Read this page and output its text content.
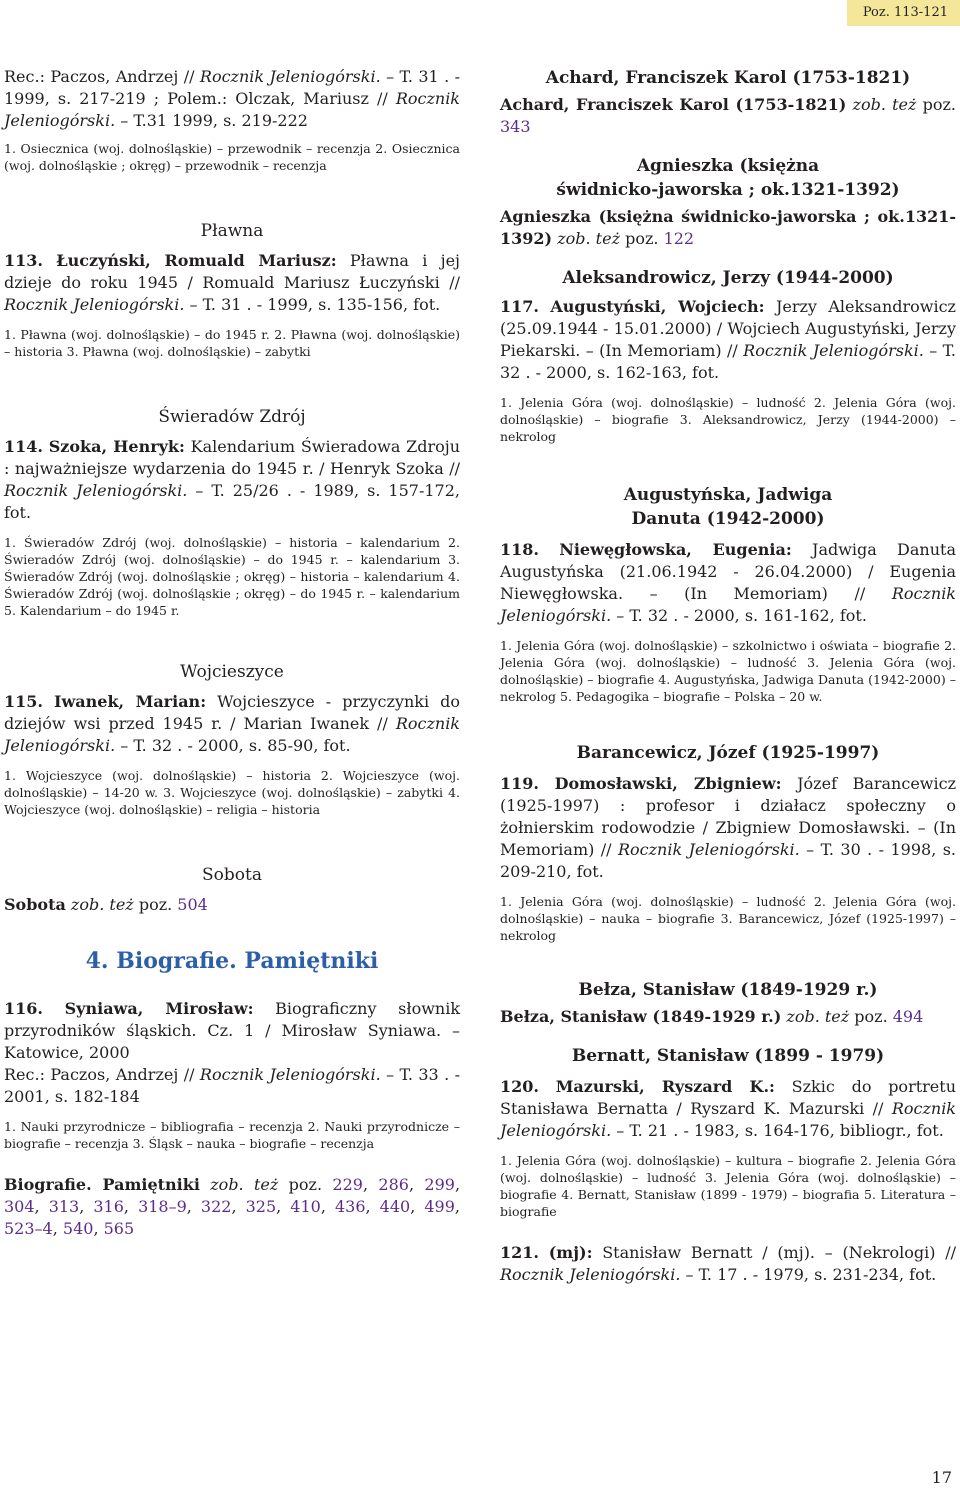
Poz. 113-121

Rec.: Paczos, Andrzej // Rocznik Jeleniogórski. – T. 31 . - 1999, s. 217-219 ; Polem.: Olczak, Mariusz // Rocznik Jeleniogórski. – T.31 1999, s. 219-222

1. Osiecznica (woj. dolnośląskie) – przewodnik – recenzja 2. Osiecznica (woj. dolnośląskie ; okręg) – przewodnik – recenzja

Pławna

113. Łuczyński, Romuald Mariusz: Pławna i jej dzieje do roku 1945 / Romuald Mariusz Łuczyński // Rocznik Jeleniogórski. – T. 31 . - 1999, s. 135-156, fot.

1. Pławna (woj. dolnośląskie) – do 1945 r. 2. Pławna (woj. dolnośląskie) – historia 3. Pławna (woj. dolnośląskie) – zabytki

Świeradów Zdrój

114. Szoka, Henryk: Kalendarium Świeradowa Zdroju : najważniejsze wydarzenia do 1945 r. / Henryk Szoka // Rocznik Jeleniogórski. – T. 25/26 . - 1989, s. 157-172, fot.

1. Świeradów Zdrój (woj. dolnośląskie) – historia – kalendarium 2. Świeradów Zdrój (woj. dolnośląskie) – do 1945 r. – kalendarium 3. Świeradów Zdrój (woj. dolnośląskie ; okręg) – historia – kalendarium 4. Świeradów Zdrój (woj. dolnośląskie ; okręg) – do 1945 r. – kalendarium 5. Kalendarium – do 1945 r.

Wojcieszyce

115. Iwanek, Marian: Wojcieszyce - przyczynki do dziejów wsi przed 1945 r. / Marian Iwanek // Rocznik Jeleniogórski. – T. 32 . - 2000, s. 85-90, fot.

1. Wojcieszyce (woj. dolnośląskie) – historia 2. Wojcieszyce (woj. dolnośląskie) – 14-20 w. 3. Wojcieszyce (woj. dolnośląskie) – zabytki 4. Wojcieszyce (woj. dolnośląskie) – religia – historia

Sobota

Sobota zob. też poz. 504

4. Biografie. Pamiętniki

116. Syniawa, Mirosław: Biograficzny słownik przyrodników śląskich. Cz. 1 / Mirosław Syniawa. – Katowice, 2000

Rec.: Paczos, Andrzej // Rocznik Jeleniogórski. – T. 33 . - 2001, s. 182-184

1. Nauki przyrodnicze – bibliografia – recenzja 2. Nauki przyrodnicze – biografie – recenzja 3. Śląsk – nauka – biografie – recenzja

Biografie. Pamiętniki zob. też poz. 229, 286, 299, 304, 313, 316, 318–9, 322, 325, 410, 436, 440, 499, 523–4, 540, 565

Achard, Franciszek Karol (1753-1821)

Achard, Franciszek Karol (1753-1821) zob. też poz. 343

Agnieszka (księżna
świdnicko-jaworska ; ok.1321-1392)

Agnieszka (księżna świdnicko-jaworska ; ok.1321-1392) zob. też poz. 122

Aleksandrowicz, Jerzy (1944-2000)

117. Augustyński, Wojciech: Jerzy Aleksandrowicz (25.09.1944 - 15.01.2000) / Wojciech Augustyński, Jerzy Piekarski. – (In Memoriam) // Rocznik Jeleniogórski. – T. 32 . - 2000, s. 162-163, fot.

1. Jelenia Góra (woj. dolnośląskie) – ludność 2. Jelenia Góra (woj. dolnośląskie) – biografie 3. Aleksandrowicz, Jerzy (1944-2000) – nekrolog

Augustyńska, Jadwiga
Danuta (1942-2000)

118. Niewęgłowska, Eugenia: Jadwiga Danuta Augustyńska (21.06.1942 - 26.04.2000) / Eugenia Niewęgłowska. – (In Memoriam) // Rocznik Jeleniogórski. – T. 32 . - 2000, s. 161-162, fot.

1. Jelenia Góra (woj. dolnośląskie) – szkolnictwo i oświata – biografie 2. Jelenia Góra (woj. dolnośląskie) – ludność 3. Jelenia Góra (woj. dolnośląskie) – biografie 4. Augustyńska, Jadwiga Danuta (1942-2000) – nekrolog 5. Pedagogika – biografie – Polska – 20 w.

Barancewicz, Józef (1925-1997)

119. Domosławski, Zbigniew: Józef Barancewicz (1925-1997) : profesor i działacz społeczny o żołnierskim rodowodzie / Zbigniew Domosławski. – (In Memoriam) // Rocznik Jeleniogórski. – T. 30 . - 1998, s. 209-210, fot.

1. Jelenia Góra (woj. dolnośląskie) – ludność 2. Jelenia Góra (woj. dolnośląskie) – nauka – biografie 3. Barancewicz, Józef (1925-1997) – nekrolog

Bełza, Stanisław (1849-1929 r.)

Bełza, Stanisław (1849-1929 r.) zob. też poz. 494

Bernatt, Stanisław (1899 - 1979)

120. Mazurski, Ryszard K.: Szkic do portretu Stanisława Bernatta / Ryszard K. Mazurski // Rocznik Jeleniogórski. – T. 21 . - 1983, s. 164-176, bibliogr., fot.

1. Jelenia Góra (woj. dolnośląskie) – kultura – biografie 2. Jelenia Góra (woj. dolnośląskie) – ludność 3. Jelenia Góra (woj. dolnośląskie) – biografie 4. Bernatt, Stanisław (1899 - 1979) – biografia 5. Literatura – biografie

121. (mj): Stanisław Bernatt / (mj). – (Nekrologi) // Rocznik Jeleniogórski. – T. 17 . - 1979, s. 231-234, fot.

17
